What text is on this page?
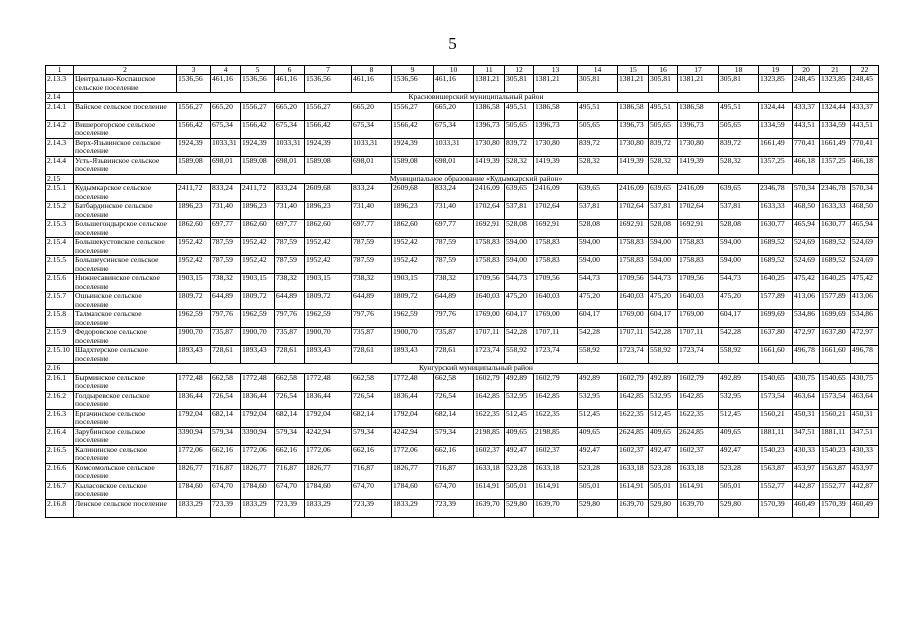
5
1	2	3	4	5	6	7	8	9	10	11	12	13	14	15	16	17	18	19	20	21	22
2.13.3	Центрально-Коспашское сельское поселение	1536,56	461,16	1536,56	461,16	1536,56	461,16	1536,56	461,16	1381,21	305,81	1381,21	305,81	1381,21	305,81	1381,21	305,81	1323,85	248,45	1323,85	248,45
2.14	Красновишерский муниципальный район																				
2.14.1	Вайское сельское поселение	1556,27	665,20	1556,27	665,20	1556,27	665,20	1556,27	665,20	1386,58	495,51	1386,58	495,51	1386,58	495,51	1386,58	495,51	1324,44	433,37	1324,44	433,37
2.14.2	Вишерогорское сельское поселение	1566,42	675,34	1566,42	675,34	1566,42	675,34	1566,42	675,34	1396,73	505,65	1396,73	505,65	1396,73	505,65	1396,73	505,65	1334,59	443,51	1334,59	443,51
2.14.3	Верх-Язьвинское сельское поселение	1924,39	1033,31	1924,39	1033,31	1924,39	1033,31	1924,39	1033,31	1730,80	839,72	1730,80	839,72	1730,80	839,72	1730,80	839,72	1661,49	770,41	1661,49	770,41
2.14.4	Усть-Язьвинское сельское поселение	1589,08	698,01	1589,08	698,01	1589,08	698,01	1589,08	698,01	1419,39	528,32	1419,39	528,32	1419,39	528,32	1419,39	528,32	1357,25	466,18	1357,25	466,18
2.15	Муниципальное образование «Кудымкарский район»																				
2.15.1	Кудымкарское сельское поселение	2411,72	833,24	2411,72	833,24	2609,68	833,24	2609,68	833,24	2416,09	639,65	2416,09	639,65	2416,09	639,65	2416,09	639,65	2346,78	570,34	2346,78	570,34
2.15.2	Батбардинское сельское поселение	1896,23	731,40	1896,23	731,40	1896,23	731,40	1896,23	731,40	1702,64	537,81	1702,64	537,81	1702,64	537,81	1702,64	537,81	1633,33	468,50	1633,33	468,50
2.15.3	Большегондырское сельское поселение	1862,60	697,77	1862,60	697,77	1862,60	697,77	1862,60	697,77	1692,91	528,08	1692,91	528,08	1692,91	528,08	1692,91	528,08	1630,77	465,94	1630,77	465,94
2.15.4	Большекустовское сельское поселение	1952,42	787,59	1952,42	787,59	1952,42	787,59	1952,42	787,59	1758,83	594,00	1758,83	594,00	1758,83	594,00	1758,83	594,00	1689,52	524,69	1689,52	524,69
2.15.5	Большеусинское сельское поселение	1952,42	787,59	1952,42	787,59	1952,42	787,59	1952,42	787,59	1758,83	594,00	1758,83	594,00	1758,83	594,00	1758,83	594,00	1689,52	524,69	1689,52	524,69
2.15.6	Нижнесавинское сельское поселение	1903,15	738,32	1903,15	738,32	1903,15	738,32	1903,15	738,32	1709,56	544,73	1709,56	544,73	1709,56	544,73	1709,56	544,73	1640,25	475,42	1640,25	475,42
2.15.7	Ошьинское сельское поселение	1809,72	644,89	1809,72	644,89	1809,72	644,89	1809,72	644,89	1640,03	475,20	1640,03	475,20	1640,03	475,20	1640,03	475,20	1577,89	413,06	1577,89	413,06
2.15.8	Талмазское сельское поселение	1962,59	797,76	1962,59	797,76	1962,59	797,76	1962,59	797,76	1769,00	604,17	1769,00	604,17	1769,00	604,17	1769,00	604,17	1699,69	534,86	1699,69	534,86
2.15.9	Федоровское сельское поселение	1900,70	735,87	1900,70	735,87	1900,70	735,87	1900,70	735,87	1707,11	542,28	1707,11	542,28	1707,11	542,28	1707,11	542,28	1637,80	472,97	1637,80	472,97
2.15.10	Шадхтерское сельское поселение	1893,43	728,61	1893,43	728,61	1893,43	728,61	1893,43	728,61	1723,74	558,92	1723,74	558,92	1723,74	558,92	1723,74	558,92	1661,60	496,78	1661,60	496,78
2.16	Кунгурский муниципальный район																				
2.16.1	Бырминское сельское поселение	1772,48	662,58	1772,48	662,58	1772,48	662,58	1772,48	662,58	1602,79	492,89	1602,79	492,89	1602,79	492,89	1602,79	492,89	1540,65	430,75	1540,65	430,75
2.16.2	Голдыревское сельское поселение	1836,44	726,54	1836,44	726,54	1836,44	726,54	1836,44	726,54	1642,85	532,95	1642,85	532,95	1642,85	532,95	1642,85	532,95	1573,54	463,64	1573,54	463,64
2.16.3	Ергачинское сельское поселение	1792,04	682,14	1792,04	682,14	1792,04	682,14	1792,04	682,14	1622,35	512,45	1622,35	512,45	1622,35	512,45	1622,35	512,45	1560,21	450,31	1560,21	450,31
2.16.4	Зарубинское сельское поселение	3390,94	579,34	3390,94	579,34	4242,94	579,34	4242,94	579,34	2198,85	409,65	2198,85	409,65	2624,85	409,65	2624,85	409,65	1881,11	347,51	1881,11	347,51
2.16.5	Калининское сельское поселение	1772,06	662,16	1772,06	662,16	1772,06	662,16	1772,06	662,16	1602,37	492,47	1602,37	492,47	1602,37	492,47	1602,37	492,47	1540,23	430,33	1540,23	430,33
2.16.6	Комсомольское сельское поселение	1826,77	716,87	1826,77	716,87	1826,77	716,87	1826,77	716,87	1633,18	523,28	1633,18	523,28	1633,18	523,28	1633,18	523,28	1563,87	453,97	1563,87	453,97
2.16.7	Кыласовское сельское поселение	1784,60	674,70	1784,60	674,70	1784,60	674,70	1784,60	674,70	1614,91	505,01	1614,91	505,01	1614,91	505,01	1614,91	505,01	1552,77	442,87	1552,77	442,87
2.16.8	Ленское сельское поселение	1833,29	723,39	1833,29	723,39	1833,29	723,39	1833,29	723,39	1639,70	529,80	1639,70	529,80	1639,70	529,80	1639,70	529,80	1570,39	460,49	1570,39	460,49
